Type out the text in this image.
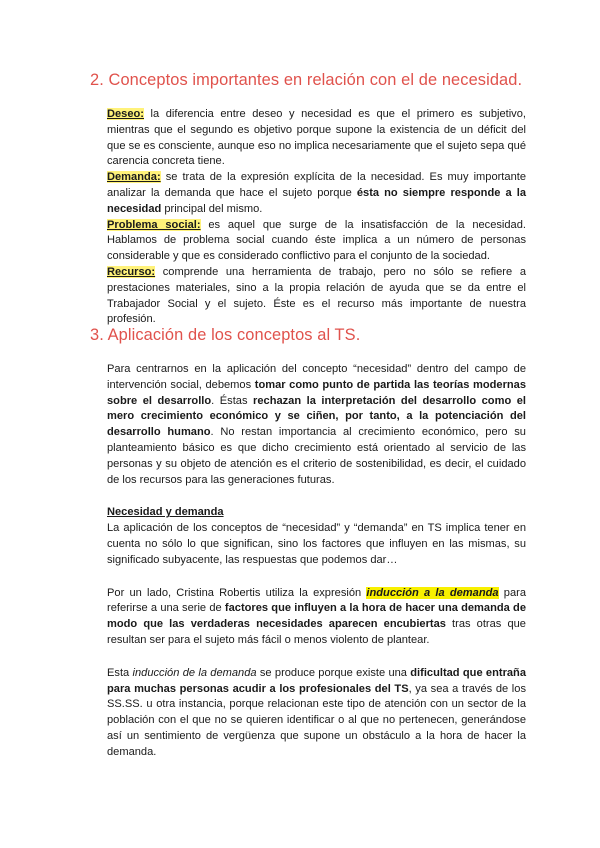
2. Conceptos importantes en relación con el de necesidad.

Deseo: la diferencia entre deseo y necesidad es que el primero es subjetivo, mientras que el segundo es objetivo porque supone la existencia de un déficit del que se es consciente, aunque eso no implica necesariamente que el sujeto sepa qué carencia concreta tiene.

Demanda: se trata de la expresión explícita de la necesidad. Es muy importante analizar la demanda que hace el sujeto porque ésta no siempre responde a la necesidad principal del mismo.

Problema social: es aquel que surge de la insatisfacción de la necesidad. Hablamos de problema social cuando éste implica a un número de personas considerable y que es considerado conflictivo para el conjunto de la sociedad.

Recurso: comprende una herramienta de trabajo, pero no sólo se refiere a prestaciones materiales, sino a la propia relación de ayuda que se da entre el Trabajador Social y el sujeto. Éste es el recurso más importante de nuestra profesión.

3. Aplicación de los conceptos al TS.

Para centrarnos en la aplicación del concepto “necesidad” dentro del campo de intervención social, debemos tomar como punto de partida las teorías modernas sobre el desarrollo. Éstas rechazan la interpretación del desarrollo como el mero crecimiento económico y se ciñen, por tanto, a la potenciación del desarrollo humano. No restan importancia al crecimiento económico, pero su planteamiento básico es que dicho crecimiento está orientado al servicio de las personas y su objeto de atención es el criterio de sostenibilidad, es decir, el cuidado de los recursos para las generaciones futuras.

Necesidad y demanda

La aplicación de los conceptos de “necesidad” y “demanda” en TS implica tener en cuenta no sólo lo que significan, sino los factores que influyen en las mismas, su significado subyacente, las respuestas que podemos dar…

Por un lado, Cristina Robertis utiliza la expresión inducción a la demanda para referirse a una serie de factores que influyen a la hora de hacer una demanda de modo que las verdaderas necesidades aparecen encubiertas tras otras que resultan ser para el sujeto más fácil o menos violento de plantear.

Esta inducción de la demanda se produce porque existe una dificultad que entraña para muchas personas acudir a los profesionales del TS, ya sea a través de los SS.SS. u otra instancia, porque relacionan este tipo de atención con un sector de la población con el que no se quieren identificar o al que no pertenecen, generándose así un sentimiento de vergüenza que supone un obstáculo a la hora de hacer la demanda.
